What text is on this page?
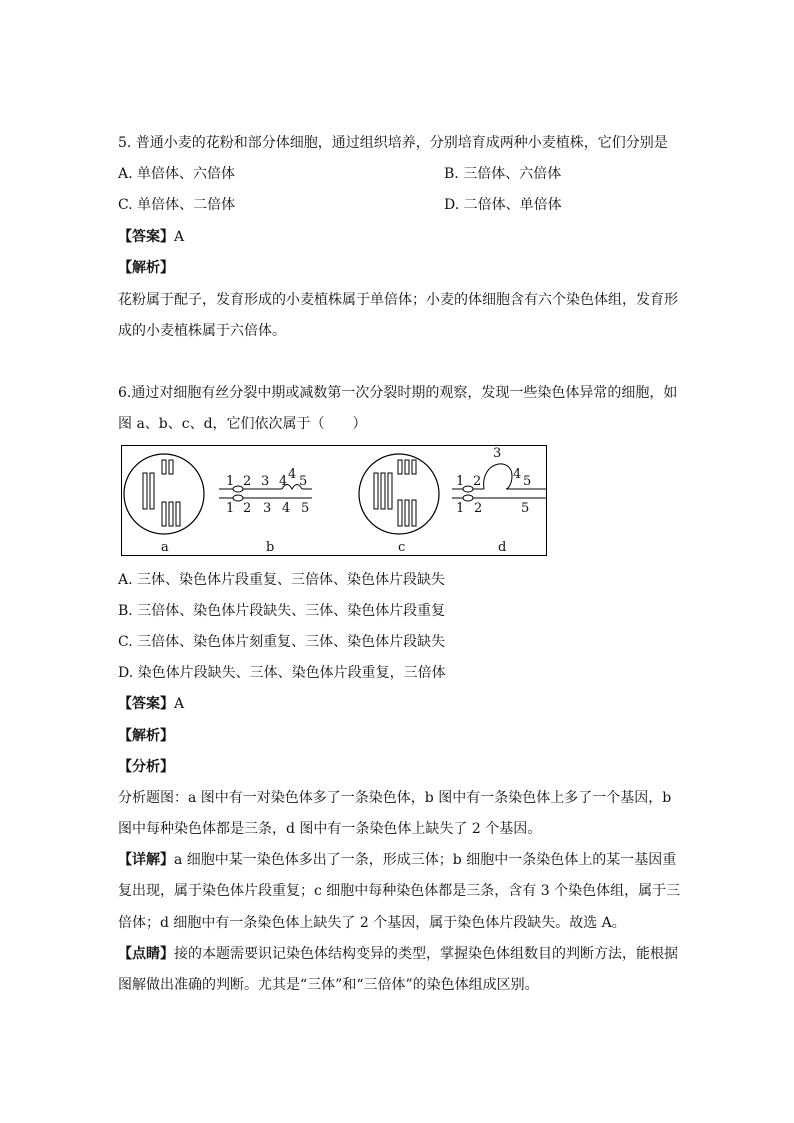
5. 普通小麦的花粉和部分体细胞，通过组织培养，分别培育成两种小麦植株，它们分别是
A. 单倍体、六倍体	B. 三倍体、六倍体
C. 单倍体、二倍体	D. 二倍体、单倍体
【答案】A
【解析】
花粉属于配子，发育形成的小麦植株属于单倍体；小麦的体细胞含有六个染色体组，发育形
成的小麦植株属于六倍体。
6.通过对细胞有丝分裂中期或减数第一次分裂时期的观察，发现一些染色体异常的细胞，如
图 a、b、c、d，它们依次属于（　　）
1 2 3 4 4 5
1 2 3 4 5
1 2
3
4 5
1 2	5
a	b	c	d
A. 三体、染色体片段重复、三倍体、染色体片段缺失
B. 三倍体、染色体片段缺失、三体、染色体片段重复
C. 三倍体、染色体片刻重复、三体、染色体片段缺失
D. 染色体片段缺失、三体、染色体片段重复，三倍体
【答案】A
【解析】
【分析】
分析题图：a 图中有一对染色体多了一条染色体，b 图中有一条染色体上多了一个基因，b
图中每种染色体都是三条，d 图中有一条染色体上缺失了 2 个基因。
【详解】a 细胞中某一染色体多出了一条，形成三体；b 细胞中一条染色体上的某一基因重
复出现，属于染色体片段重复；c 细胞中每种染色体都是三条，含有 3 个染色体组，属于三
倍体；d 细胞中有一条染色体上缺失了 2 个基因，属于染色体片段缺失。故选 A。
【点睛】接的本题需要识记染色体结构变异的类型，掌握染色体组数目的判断方法，能根据
图解做出准确的判断。尤其是“三体”和“三倍体”的染色体组成区别。
